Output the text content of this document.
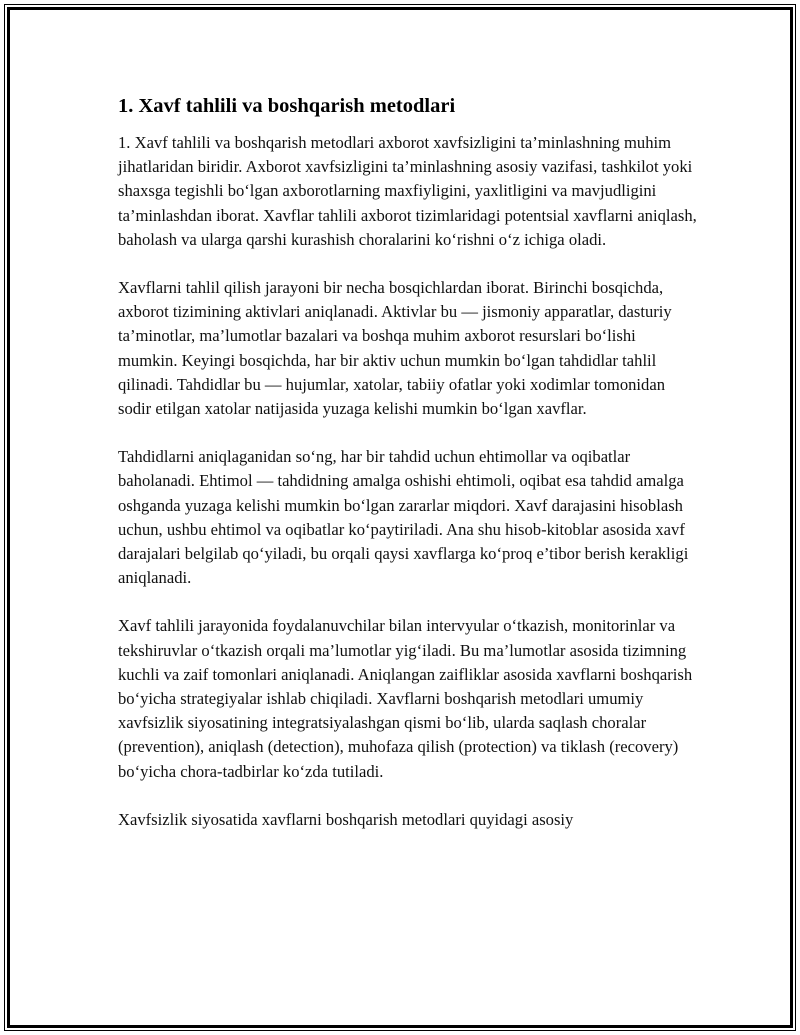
1. Xavf tahlili va boshqarish metodlari

1. Xavf tahlili va boshqarish metodlari axborot xavfsizligini ta’minlashning muhim jihatlaridan biridir. Axborot xavfsizligini ta’minlashning asosiy vazifasi, tashkilot yoki shaxsga tegishli bo‘lgan axborotlarning maxfiyligini, yaxlitligini va mavjudligini ta’minlashdan iborat. Xavflar tahlili axborot tizimlaridagi potentsial xavflarni aniqlash, baholash va ularga qarshi kurashish choralarini ko‘rishni o‘z ichiga oladi.

Xavflarni tahlil qilish jarayoni bir necha bosqichlardan iborat. Birinchi bosqichda, axborot tizimining aktivlari aniqlanadi. Aktivlar bu — jismoniy apparatlar, dasturiy ta’minotlar, ma’lumotlar bazalari va boshqa muhim axborot resurslari bo‘lishi mumkin. Keyingi bosqichda, har bir aktiv uchun mumkin bo‘lgan tahdidlar tahlil qilinadi. Tahdidlar bu — hujumlar, xatolar, tabiiy ofatlar yoki xodimlar tomonidan sodir etilgan xatolar natijasida yuzaga kelishi mumkin bo‘lgan xavflar.

Tahdidlarni aniqlaganidan so‘ng, har bir tahdid uchun ehtimollar va oqibatlar baholanadi. Ehtimol — tahdidning amalga oshishi ehtimoli, oqibat esa tahdid amalga oshganda yuzaga kelishi mumkin bo‘lgan zararlar miqdori. Xavf darajasini hisoblash uchun, ushbu ehtimol va oqibatlar ko‘paytiriladi. Ana shu hisob-kitoblar asosida xavf darajalari belgilab qo‘yiladi, bu orqali qaysi xavflarga ko‘proq e’tibor berish kerakligi aniqlanadi.

Xavf tahlili jarayonida foydalanuvchilar bilan intervyular o‘tkazish, monitorinlar va tekshiruvlar o‘tkazish orqali ma’lumotlar yig‘iladi. Bu ma’lumotlar asosida tizimning kuchli va zaif tomonlari aniqlanadi. Aniqlangan zaifliklar asosida xavflarni boshqarish bo‘yicha strategiyalar ishlab chiqiladi. Xavflarni boshqarish metodlari umumiy xavfsizlik siyosatining integratsiyalashgan qismi bo‘lib, ularda saqlash choralar (prevention), aniqlash (detection), muhofaza qilish (protection) va tiklash (recovery) bo‘yicha chora-tadbirlar ko‘zda tutiladi.

Xavfsizlik siyosatida xavflarni boshqarish metodlari quyidagi asosiy
